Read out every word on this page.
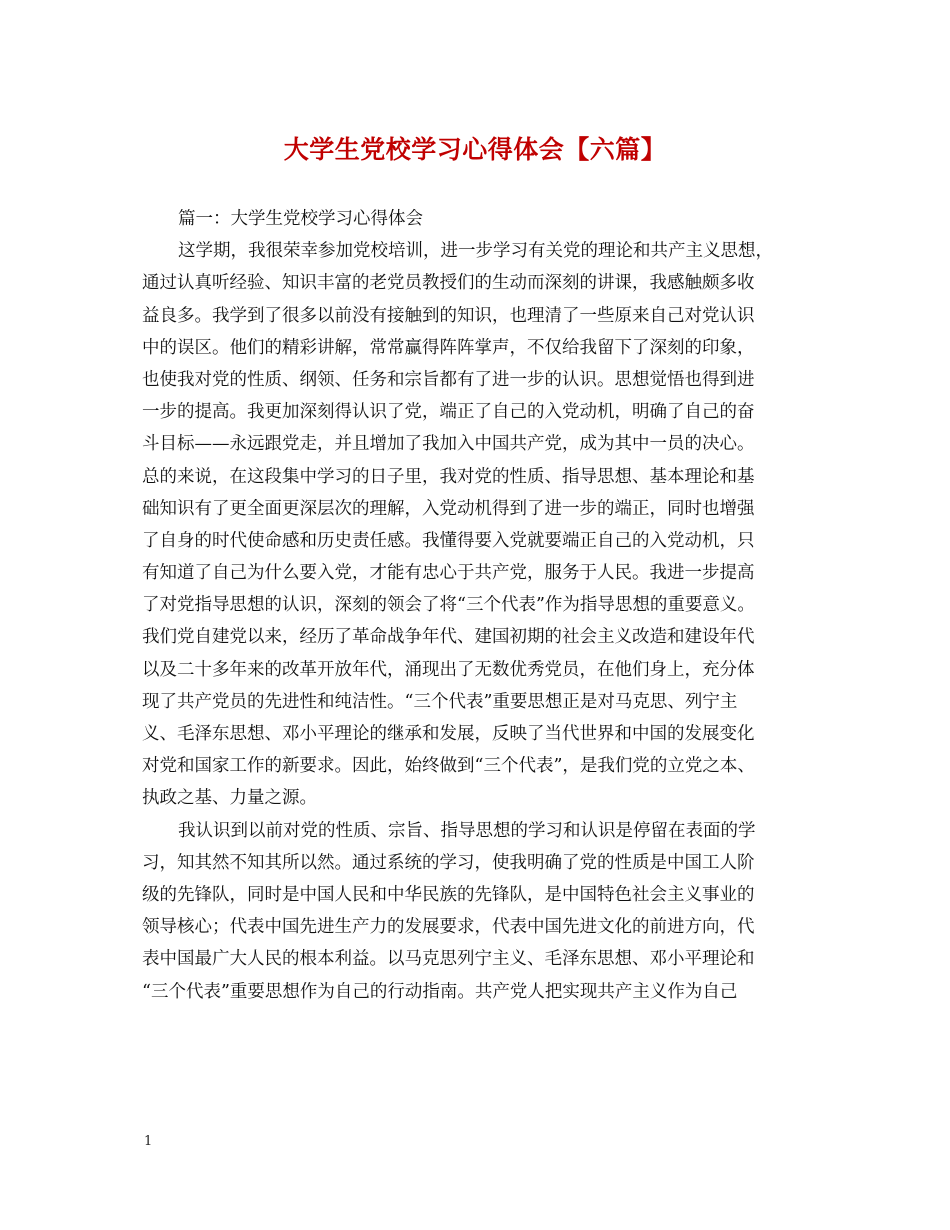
大学生党校学习心得体会【六篇】
篇一：大学生党校学习心得体会
这学期，我很荣幸参加党校培训，进一步学习有关党的理论和共产主义思想，
通过认真听经验、知识丰富的老党员教授们的生动而深刻的讲课，我感触颇多收
益良多。我学到了很多以前没有接触到的知识，也理清了一些原来自己对党认识
中的误区。他们的精彩讲解，常常赢得阵阵掌声，不仅给我留下了深刻的印象，
也使我对党的性质、纲领、任务和宗旨都有了进一步的认识。思想觉悟也得到进
一步的提高。我更加深刻得认识了党，端正了自己的入党动机，明确了自己的奋
斗目标——永远跟党走，并且增加了我加入中国共产党，成为其中一员的决心。
总的来说，在这段集中学习的日子里，我对党的性质、指导思想、基本理论和基
础知识有了更全面更深层次的理解，入党动机得到了进一步的端正，同时也增强
了自身的时代使命感和历史责任感。我懂得要入党就要端正自己的入党动机，只
有知道了自己为什么要入党，才能有忠心于共产党，服务于人民。我进一步提高
了对党指导思想的认识，深刻的领会了将“三个代表”作为指导思想的重要意义。
我们党自建党以来，经历了革命战争年代、建国初期的社会主义改造和建设年代
以及二十多年来的改革开放年代，涌现出了无数优秀党员，在他们身上，充分体
现了共产党员的先进性和纯洁性。“三个代表”重要思想正是对马克思、列宁主
义、毛泽东思想、邓小平理论的继承和发展，反映了当代世界和中国的发展变化
对党和国家工作的新要求。因此，始终做到“三个代表”，是我们党的立党之本、
执政之基、力量之源。
我认识到以前对党的性质、宗旨、指导思想的学习和认识是停留在表面的学
习，知其然不知其所以然。通过系统的学习，使我明确了党的性质是中国工人阶
级的先锋队，同时是中国人民和中华民族的先锋队，是中国特色社会主义事业的
领导核心；代表中国先进生产力的发展要求，代表中国先进文化的前进方向，代
表中国最广大人民的根本利益。以马克思列宁主义、毛泽东思想、邓小平理论和
“三个代表”重要思想作为自己的行动指南。共产党人把实现共产主义作为自己
1
